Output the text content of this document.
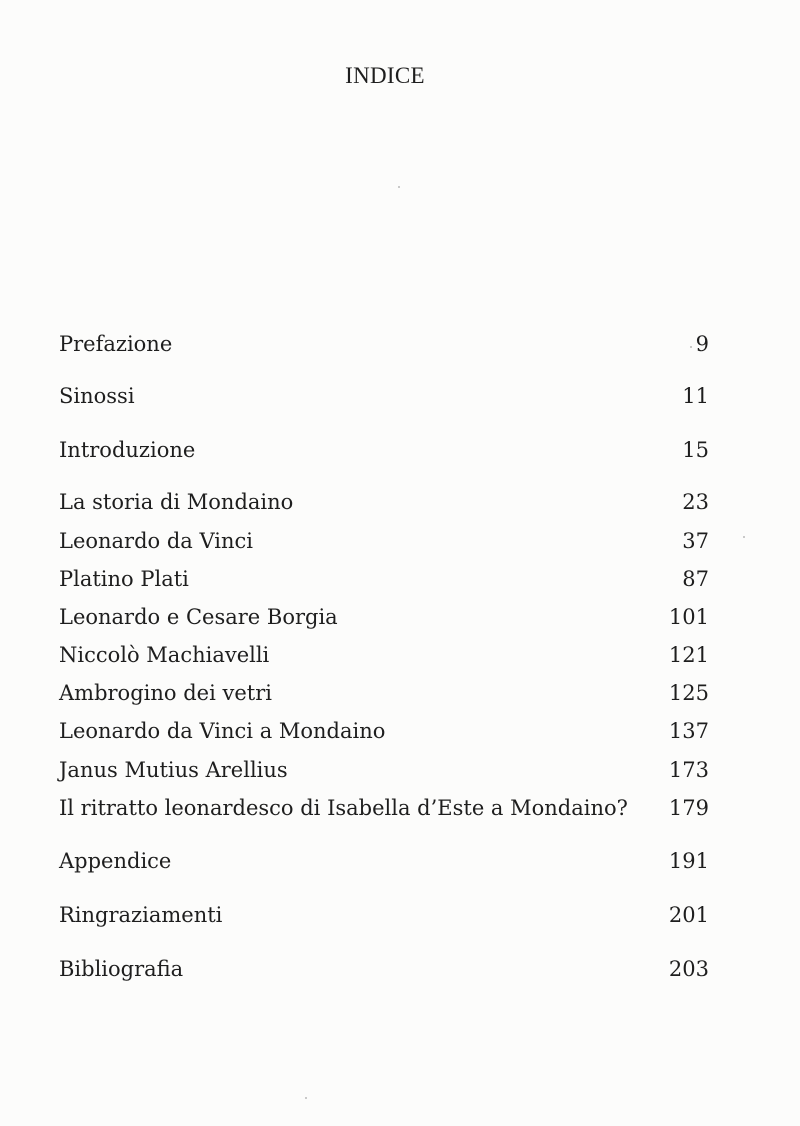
INDICE
Prefazione	9
Sinossi	11
Introduzione	15
La storia di Mondaino	23
Leonardo da Vinci	37
Platino Plati	87
Leonardo e Cesare Borgia	101
Niccolò Machiavelli	121
Ambrogino dei vetri	125
Leonardo da Vinci a Mondaino	137
Janus Mutius Arellius	173
Il ritratto leonardesco di Isabella d’Este a Mondaino? 179
Appendice	191
Ringraziamenti	201
Bibliografia	203
